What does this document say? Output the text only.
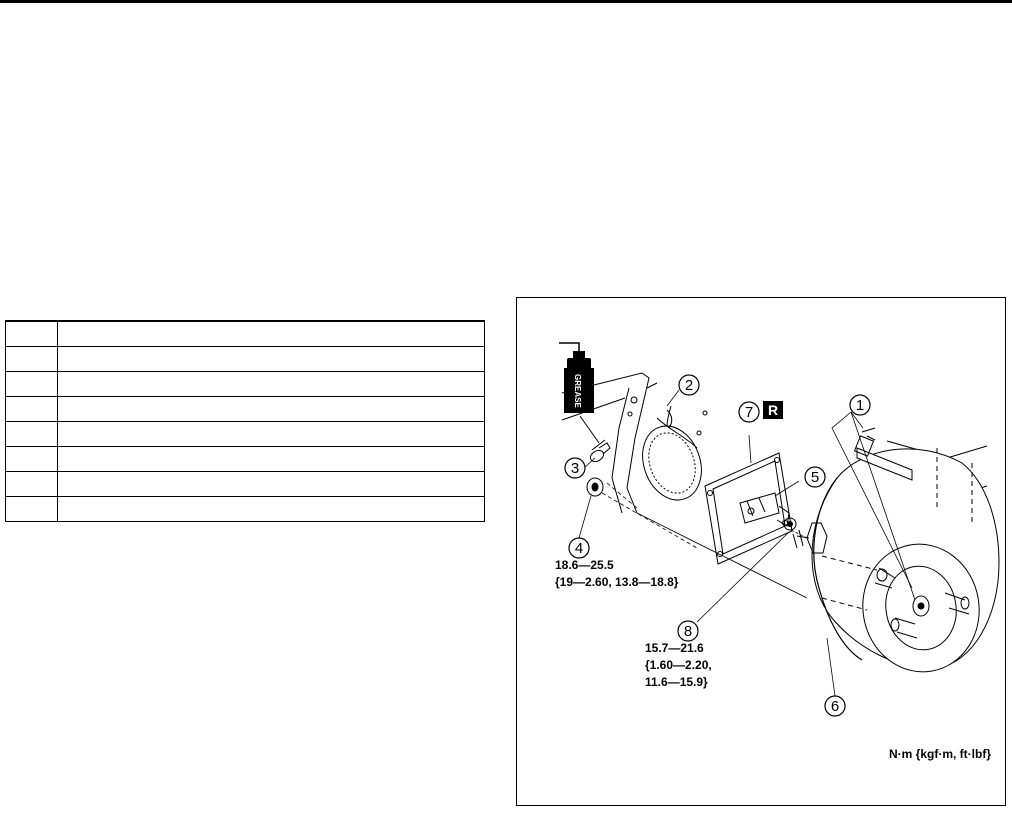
GREASE	1
2
3
4
5
6
7
8
R
18.6—25.5
{19—2.60, 13.8—18.8}
15.7—21.6
{1.60—2.20,
11.6—15.9}
N·m {kgf·m, ft·lbf}
